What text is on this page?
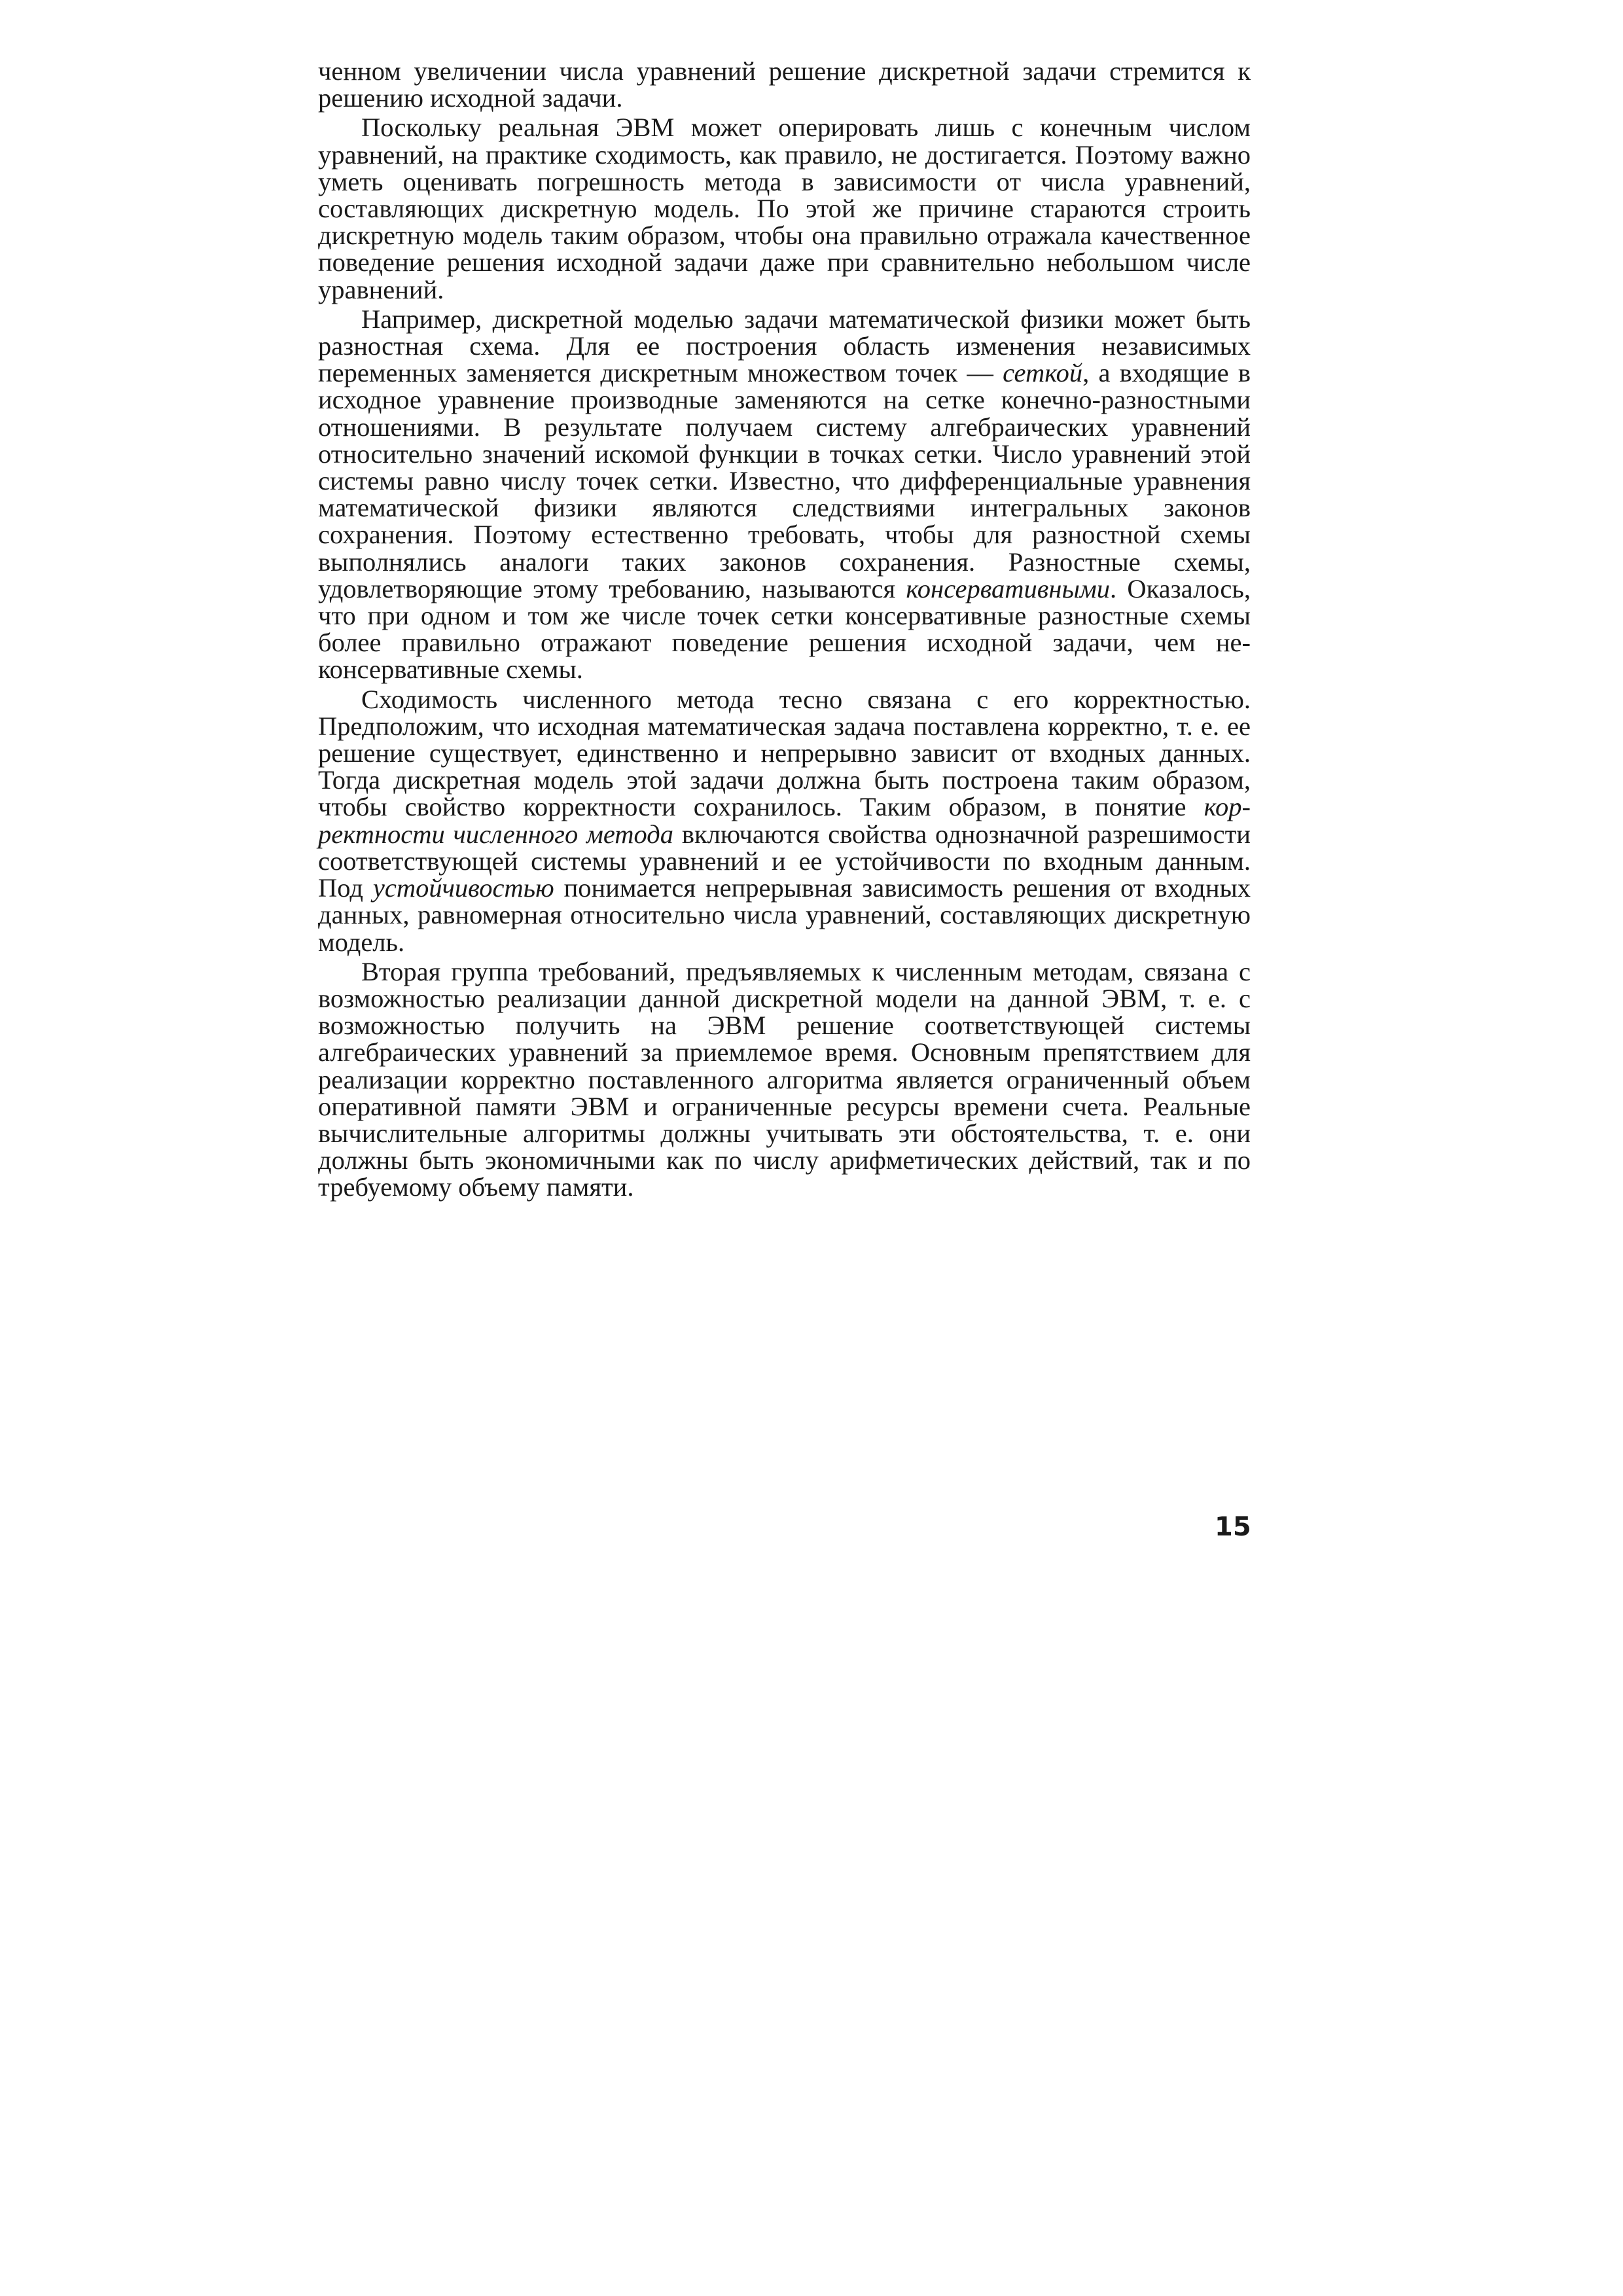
ченном увеличении числа уравнений решение дискретной задачи стремится к решению исходной задачи.

Поскольку реальная ЭВМ может оперировать лишь с конечным числом уравнений, на практике сходимость, как правило, не достигается. Поэтому важно уметь оценивать погрешность метода в зависимости от числа уравнений, составляющих дискретную модель. По этой же причине стараются строить дискретную модель таким образом, чтобы она правильно отражала качественное поведение решения исходной задачи даже при сравнительно небольшом числе уравнений.

Например, дискретной моделью задачи математической физики может быть разностная схема. Для ее построения область изменения независимых переменных заменяется дискретным множеством точек — сеткой, а входящие в исходное уравнение производные заменяются на сетке конечно-разностными отношениями. В результате получаем систему алгебраических уравнений относительно значений искомой функции в точках сетки. Число уравнений этой системы равно числу точек сетки. Известно, что дифференциальные уравнения математической физики являются следствиями интегральных законов сохранения. Поэтому естественно требовать, чтобы для разностной схемы выполнялись аналоги таких законов сохранения. Разностные схемы, удовлетворяющие этому требованию, называются консервативными. Оказалось, что при одном и том же числе точек сетки консервативные разностные схемы более правильно отражают поведение решения исходной задачи, чем неконсервативные схемы.

Сходимость численного метода тесно связана с его корректностью. Предположим, что исходная математическая задача поставлена корректно, т. е. ее решение существует, единственно и непрерывно зависит от входных данных. Тогда дискретная модель этой задачи должна быть построена таким образом, чтобы свойство корректности сохранилось. Таким образом, в понятие корректности численного метода включаются свойства однозначной разрешимости соответствующей системы уравнений и ее устойчивости по входным данным. Под устойчивостью понимается непрерывная зависимость решения от входных данных, равномерная относительно числа уравнений, составляющих дискретную модель.

Вторая группа требований, предъявляемых к численным методам, связана с возможностью реализации данной дискретной модели на данной ЭВМ, т. е. с возможностью получить на ЭВМ решение соответствующей системы алгебраических уравнений за приемлемое время. Основным препятствием для реализации корректно поставленного алгоритма является ограниченный объем оперативной памяти ЭВМ и ограниченные ресурсы времени счета. Реальные вычислительные алгоритмы должны учитывать эти обстоятельства, т. е. они должны быть экономичными как по числу арифметических действий, так и по требуемому объему памяти.

15
